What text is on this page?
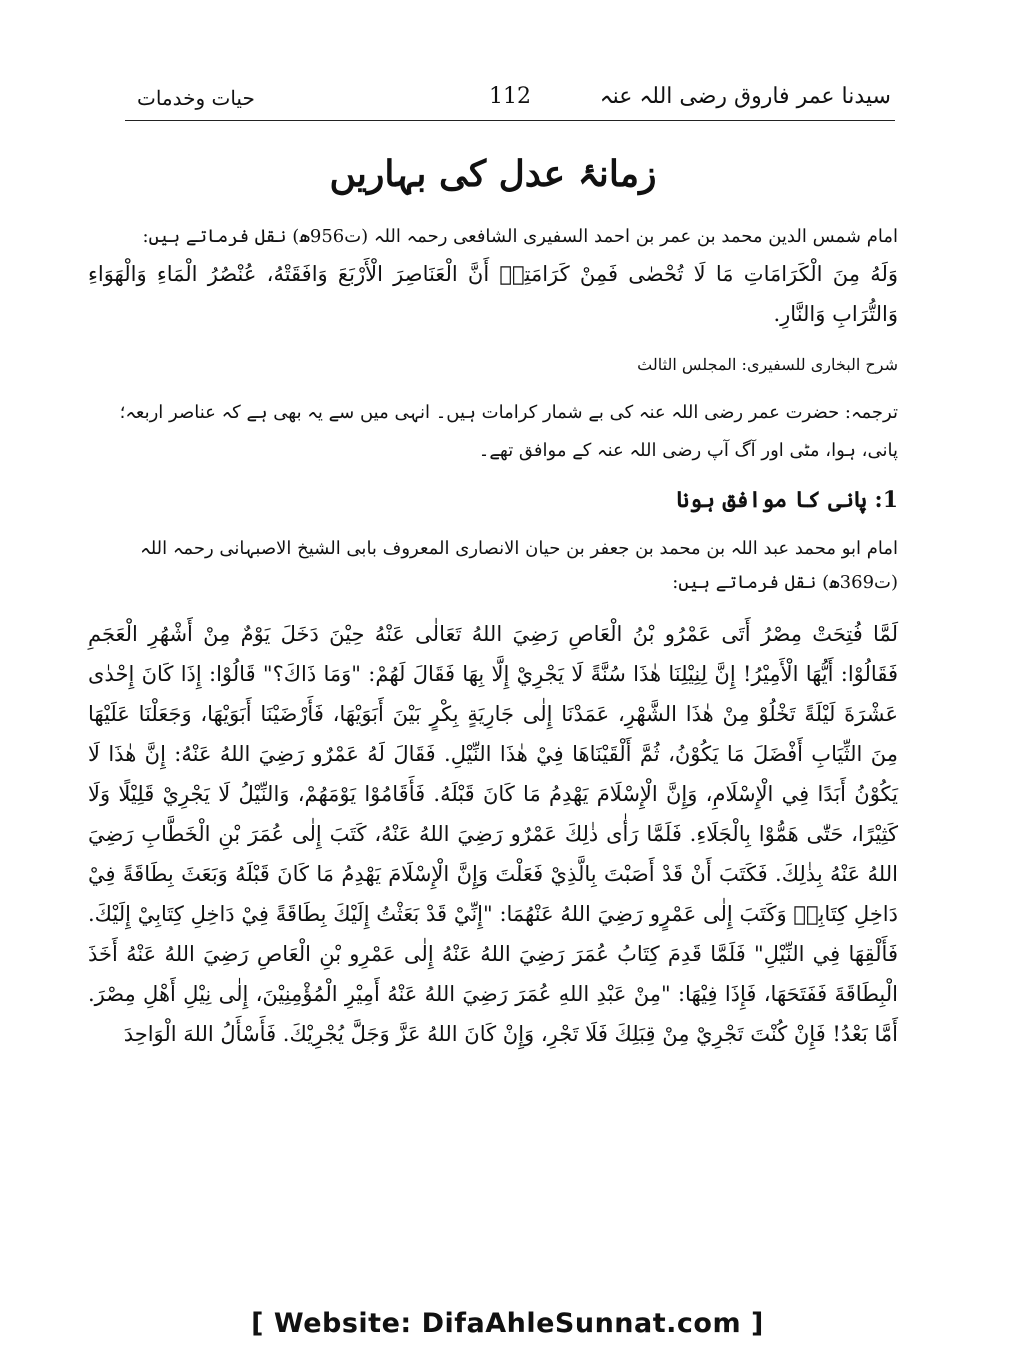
حیات وخدمات	112	سیدنا عمر فاروق رضی اللہ عنہ
زمانۂ عدل کی بہاریں

امام شمس الدین محمد بن عمر بن احمد السفیری الشافعی رحمہ اللہ (ت956ھ) نقل فرماتے ہیں:

وَلَهُ مِنَ الْكَرَامَاتِ مَا لَا تُحْصٰى فَمِنْ كَرَامَتِهٖ أَنَّ الْعَنَاصِرَ الْأَرْبَعَ وَافَقَتْهُ، عُنْصُرُ الْمَاءِ وَالْهَوَاءِ وَالتُّرَابِ وَالنَّارِ.

شرح البخاری للسفیری: المجلس الثالث

ترجمہ: حضرت عمر رضی اللہ عنہ کی بے شمار کرامات ہیں۔ انہی میں سے یہ بھی ہے کہ عناصر اربعہ؛ پانی، ہوا، مٹی اور آگ آپ رضی اللہ عنہ کے موافق تھے۔

1: پانی کا موافق ہونا

امام ابو محمد عبد اللہ بن محمد بن جعفر بن حیان الانصاری المعروف بابی الشیخ الاصبہانی رحمہ اللہ (ت369ھ) نقل فرماتے ہیں:

لَمَّا فُتِحَتْ مِصْرُ أَتَى عَمْرُو بْنُ الْعَاصِ رَضِيَ اللهُ تَعَالٰى عَنْهُ حِيْنَ دَخَلَ يَوْمٌ مِنْ أَشْهُرِ الْعَجَمِ فَقَالُوْا: أَيُّهَا الْأَمِيْرُ! إِنَّ لِنِيْلِنَا هٰذَا سُنَّةً لَا يَجْرِيْ إِلَّا بِهَا فَقَالَ لَهُمْ: "وَمَا ذَاكَ؟" قَالُوْا: إِذَا كَانَ إِحْدٰى عَشْرَةَ لَيْلَةً تَخْلُوْ مِنْ هٰذَا الشَّهْرِ، عَمَدْنَا إِلٰى جَارِيَةٍ بِكْرٍ بَيْنَ أَبَوَيْهَا، فَأَرْضَيْنَا أَبَوَيْهَا، وَجَعَلْنَا عَلَيْهَا مِنَ الثِّيَابِ أَفْضَلَ مَا يَكُوْنُ، ثُمَّ أَلْقَيْنَاهَا فِيْ هٰذَا النِّيْلِ. فَقَالَ لَهُ عَمْرٌو رَضِيَ اللهُ عَنْهُ: إِنَّ هٰذَا لَا يَكُوْنُ أَبَدًا فِي الْإِسْلَامِ، وَإِنَّ الْإِسْلَامَ يَهْدِمُ مَا كَانَ قَبْلَهُ. فَأَقَامُوْا يَوْمَهُمْ، وَالنِّيْلُ لَا يَجْرِيْ قَلِيْلًا وَلَا كَثِيْرًا، حَتّٰى هَمُّوْا بِالْجَلَاءِ. فَلَمَّا رَأٰى ذٰلِكَ عَمْرٌو رَضِيَ اللهُ عَنْهُ، كَتَبَ إِلٰى عُمَرَ بْنِ الْخَطَّابِ رَضِيَ اللهُ عَنْهُ بِذٰلِكَ. فَكَتَبَ أَنْ قَدْ أَصَبْتَ بِالَّذِيْ فَعَلْتَ وَإِنَّ الْإِسْلَامَ يَهْدِمُ مَا كَانَ قَبْلَهُ وَبَعَثَ بِطَاقَةً فِيْ دَاخِلِ كِتَابِهٖ وَكَتَبَ إِلٰى عَمْرٍو رَضِيَ اللهُ عَنْهُمَا: "إِنِّيْ قَدْ بَعَثْتُ إِلَيْكَ بِطَاقَةً فِيْ دَاخِلِ كِتَابِيْ إِلَيْكَ. فَأَلْقِهَا فِي النِّيْلِ" فَلَمَّا قَدِمَ كِتَابُ عُمَرَ رَضِيَ اللهُ عَنْهُ إِلٰى عَمْرِو بْنِ الْعَاصِ رَضِيَ اللهُ عَنْهُ أَخَذَ الْبِطَاقَةَ فَفَتَحَهَا، فَإِذَا فِيْهَا: "مِنْ عَبْدِ اللهِ عُمَرَ رَضِيَ اللهُ عَنْهُ أَمِيْرِ الْمُؤْمِنِيْنَ، إِلٰى نِيْلِ أَهْلِ مِصْرَ. أَمَّا بَعْدُ! فَإِنْ كُنْتَ تَجْرِيْ مِنْ قِبَلِكَ فَلَا تَجْرِ، وَإِنْ كَانَ اللهُ عَزَّ وَجَلَّ يُجْرِيْكَ. فَأَسْأَلُ اللهَ الْوَاحِدَ

[ Website: DifaAhleSunnat.com ]
